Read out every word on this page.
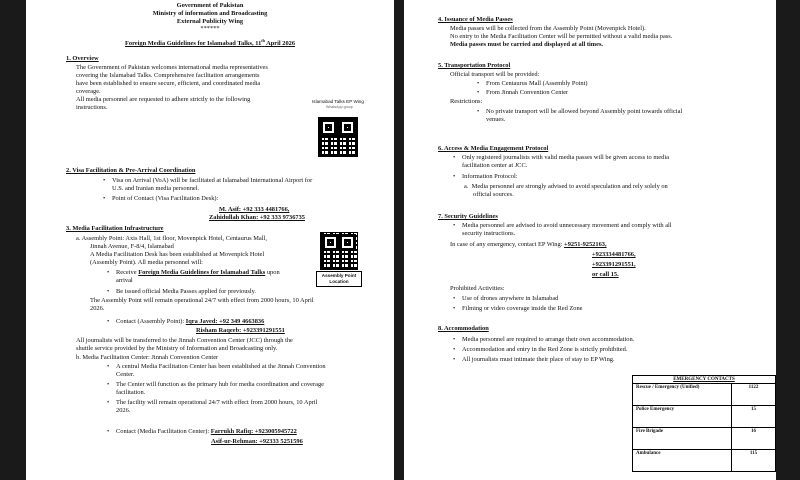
Government of Pakistan
Ministry of information and Broadcasting
External Publicity Wing
******
Foreign Media Guidelines for Islamabad Talks, 11th April 2026
1. Overview
The Government of Pakistan welcomes international media representatives
covering the Islamabad Talks. Comprehensive facilitation arrangements
have been established to ensure secure, efficient, and coordinated media
coverage.
All media personnel are requested to adhere strictly to the following
instructions.
Islamabad Talks EP Wing
WhatsApp group
2. Visa Facilitation & Pre-Arrival Coordination
• Visa on Arrival (VoA) will be facilitated at Islamabad International Airport for
U.S. and Iranian media personnel.
• Point of Contact (Visa Facilitation Desk):
M. Asif: +92 333 4481766,
Zahidullah Khan: +92 333 9736735
3. Media Facilitation Infrastructure
a. Assembly Point: Axis Hall, 1st floor, Movenpick Hotel, Centaurus Mall,
Jinnah Avenue, F-8/4, Islamabad
A Media Facilitation Desk has been established at Movenpick Hotel
(Assembly Point). All media personnel will:
Assembly Point
Location
• Receive Foreign Media Guidelines for Islamabad Talks upon
arrival
• Be issued official Media Passes applied for previously.
The Assembly Point will remain operational 24/7 with effect from 2000 hours, 10 April
2026.
• Contact (Assembly Point): Iqra Javed: +92 349 4663836
Risham Raqeeb: +923391291551
All journalists will be transferred to the Jinnah Convention Center (JCC) through the
shuttle service provided by the Ministry of Information and Broadcasting only.
b. Media Facilitation Center: Jinnah Convention Center
• A central Media Facilitation Center has been established at the Jinnah Convention
Center.
• The Center will function as the primary hub for media coordination and coverage
facilitation.
• The facility will remain operational 24/7 with effect from 2000 hours, 10 April
2026.
• Contact (Media Facilitation Center): Farrukh Rafiq: +923005945722
Asif-ur-Rehman: +92333 5251596
4. Issuance of Media Passes
Media passes will be collected from the Assembly Point (Movenpick Hotel).
No entry to the Media Facilitation Center will be permitted without a valid media pass.
Media passes must be carried and displayed at all times.
5. Transportation Protocol
Official transport will be provided:
• From Centaurus Mall (Assembly Point)
• From Jinnah Convention Center
Restrictions:
• No private transport will be allowed beyond Assembly point towards official
venues.
6. Access & Media Engagement Protocol
• Only registered journalists with valid media passes will be given access to media
facilitation center at JCC.
• Information Protocol:
a.  Media personnel are strongly advised to avoid speculation and rely solely on
official sources.
7. Security Guidelines
• Media personnel are advised to avoid unnecessary movement and comply with all
security instructions.
In case of any emergency, contact EP Wing: +9251-9252163,
+923334481766,
+923391291551,
or call 15.
Prohibited Activities:
• Use of drones anywhere in Islamabad
• Filming or video coverage inside the Red Zone
8. Accommodation
• Media personnel are required to arrange their own accommodation.
• Accommodation and entry in the Red Zone is strictly prohibited.
• All journalists must intimate their place of stay to EP Wing.
EMERGENCY CONTACTS	
Rescue / Emergency (Unified)	1122
Police Emergency	15
Fire Brigade	16
Ambulance	115
